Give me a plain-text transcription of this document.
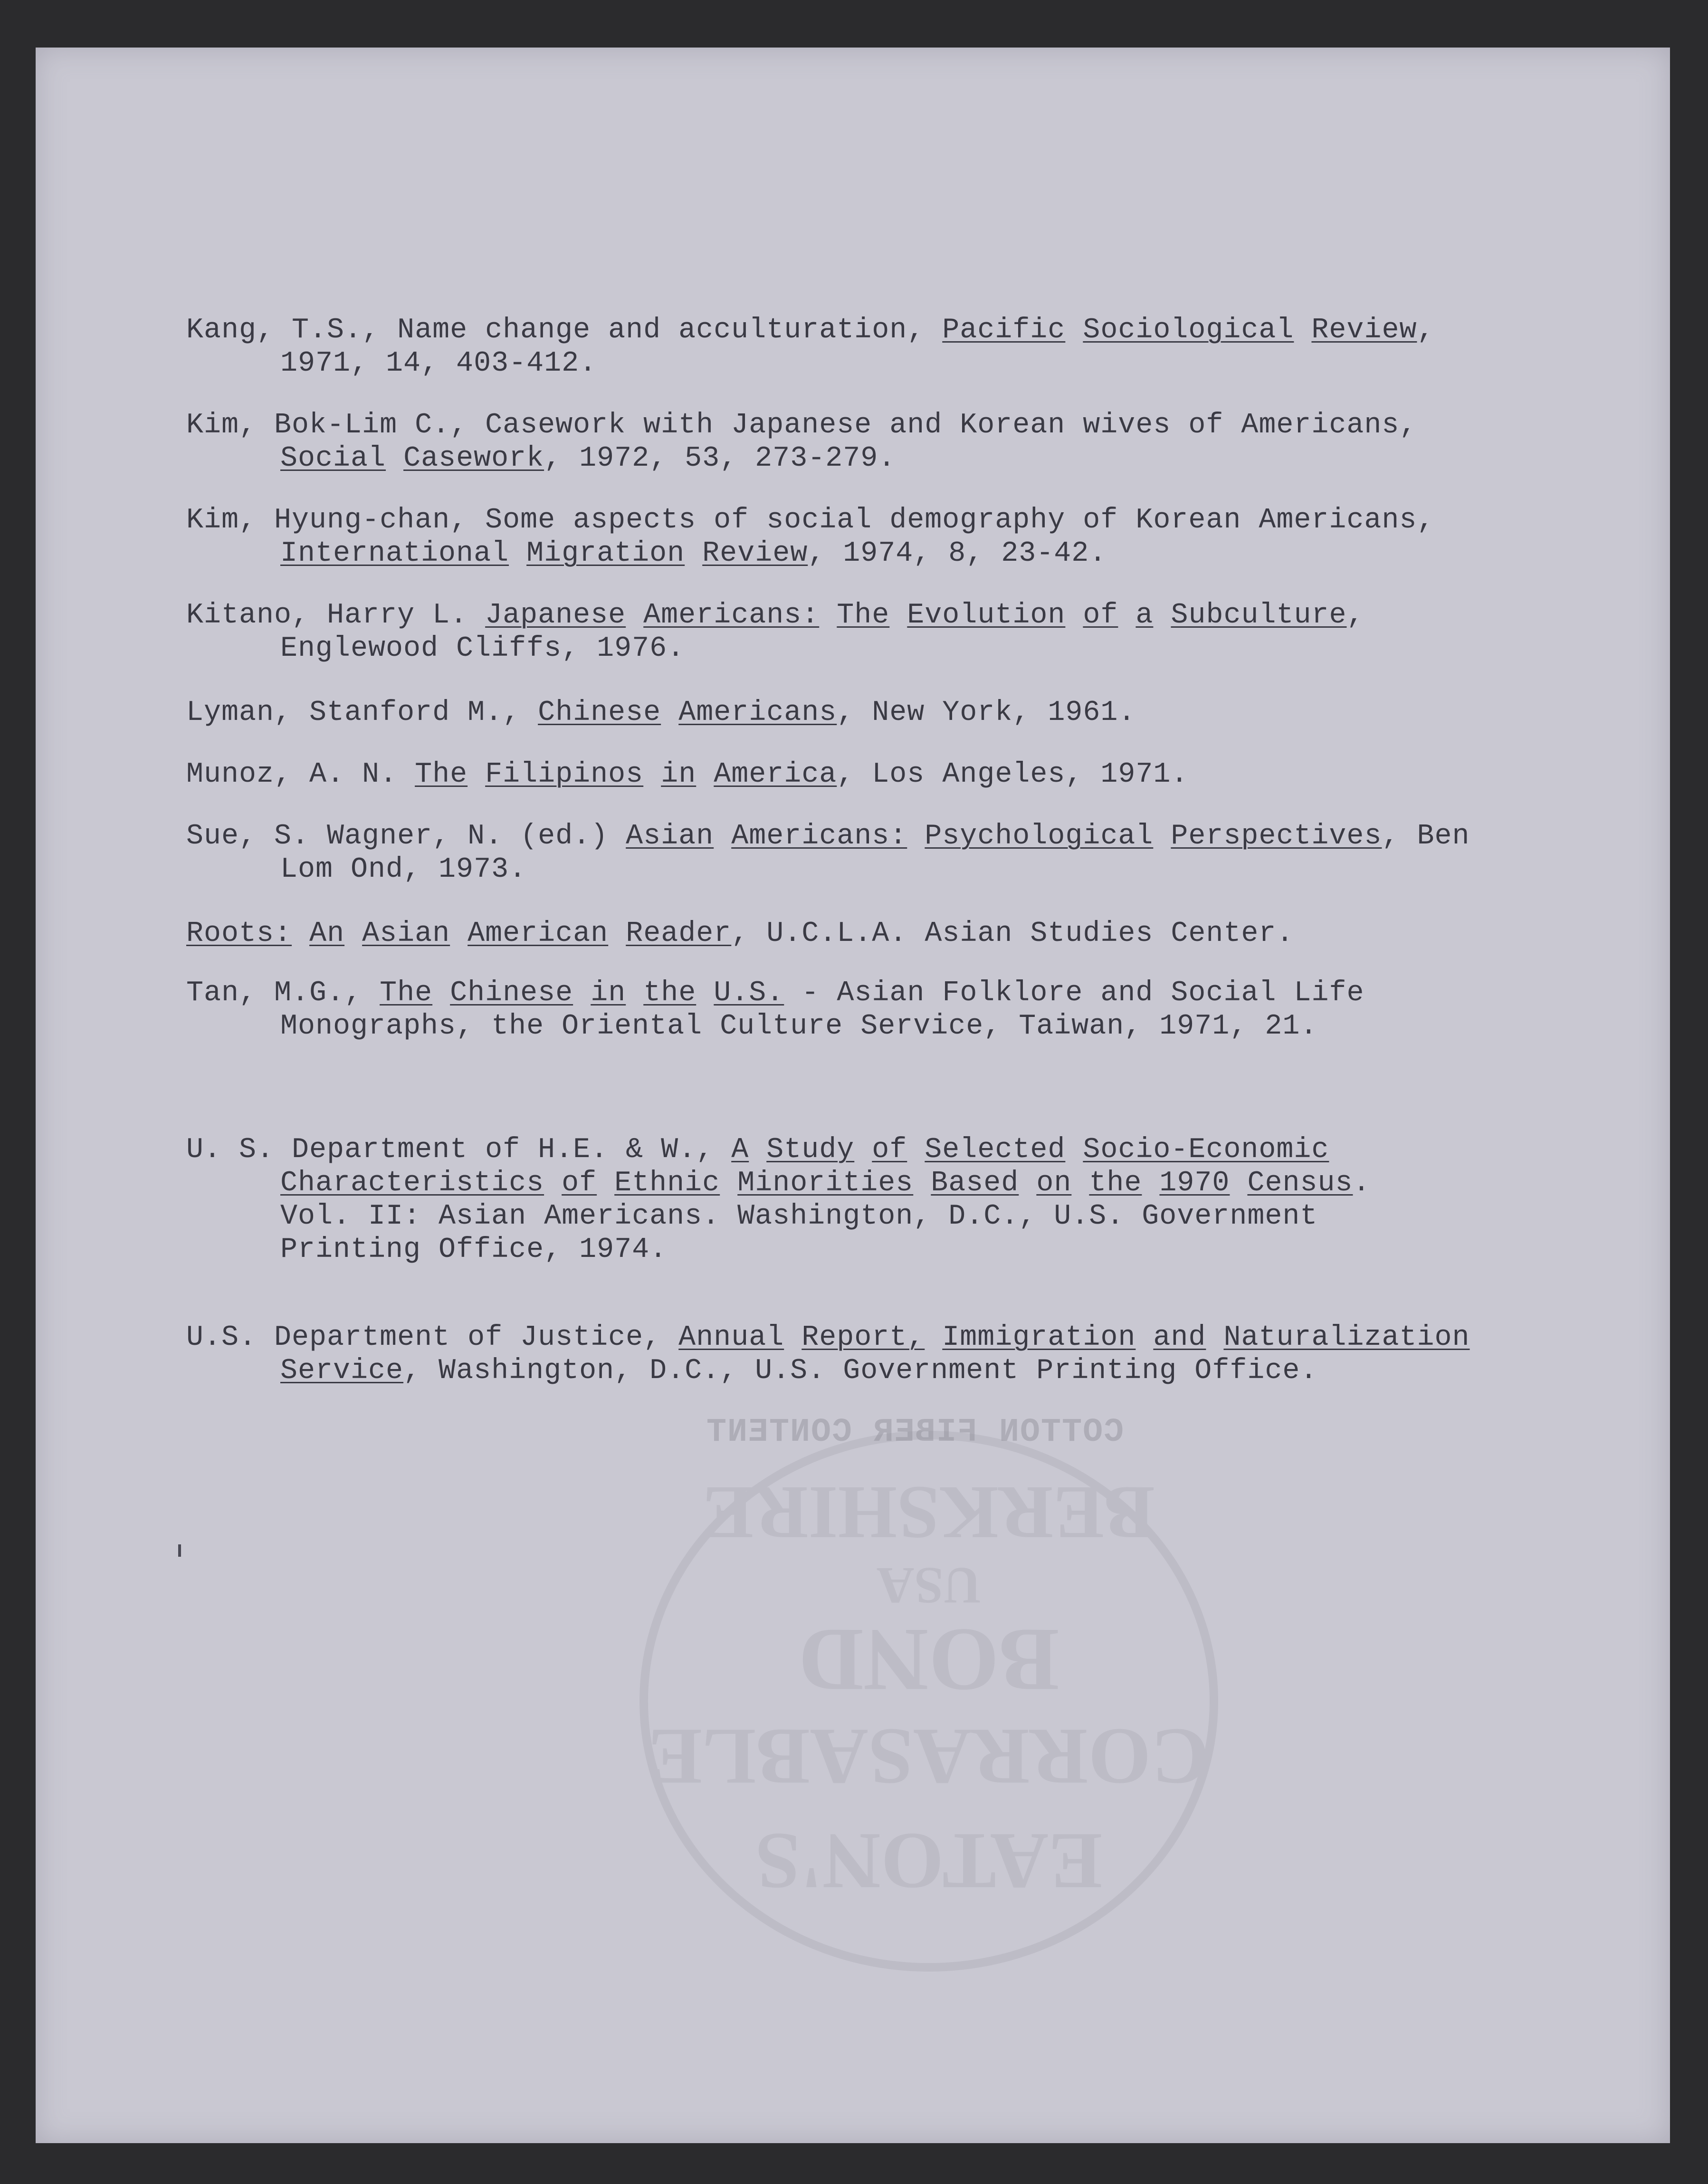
EATON'S
CORRASABLE
BOND
USA
BERKSHIRE
COTTON FIBER CONTENT
Kang, T.S., Name change and acculturation, Pacific Sociological Review,
1971, 14, 403-412.
Kim, Bok-Lim C., Casework with Japanese and Korean wives of Americans,
Social Casework, 1972, 53, 273-279.
Kim, Hyung-chan, Some aspects of social demography of Korean Americans,
International Migration Review, 1974, 8, 23-42.
Kitano, Harry L. Japanese Americans: The Evolution of a Subculture,
Englewood Cliffs, 1976.
Lyman, Stanford M., Chinese Americans, New York, 1961.
Munoz, A. N. The Filipinos in America, Los Angeles, 1971.
Sue, S. Wagner, N. (ed.) Asian Americans: Psychological Perspectives, Ben
Lom Ond, 1973.
Roots: An Asian American Reader, U.C.L.A. Asian Studies Center.
Tan, M.G., The Chinese in the U.S. - Asian Folklore and Social Life
Monographs, the Oriental Culture Service, Taiwan, 1971, 21.
U. S. Department of H.E. & W., A Study of Selected Socio-Economic
Characteristics of Ethnic Minorities Based on the 1970 Census.
Vol. II: Asian Americans. Washington, D.C., U.S. Government
Printing Office, 1974.
U.S. Department of Justice, Annual Report, Immigration and Naturalization
Service, Washington, D.C., U.S. Government Printing Office.
